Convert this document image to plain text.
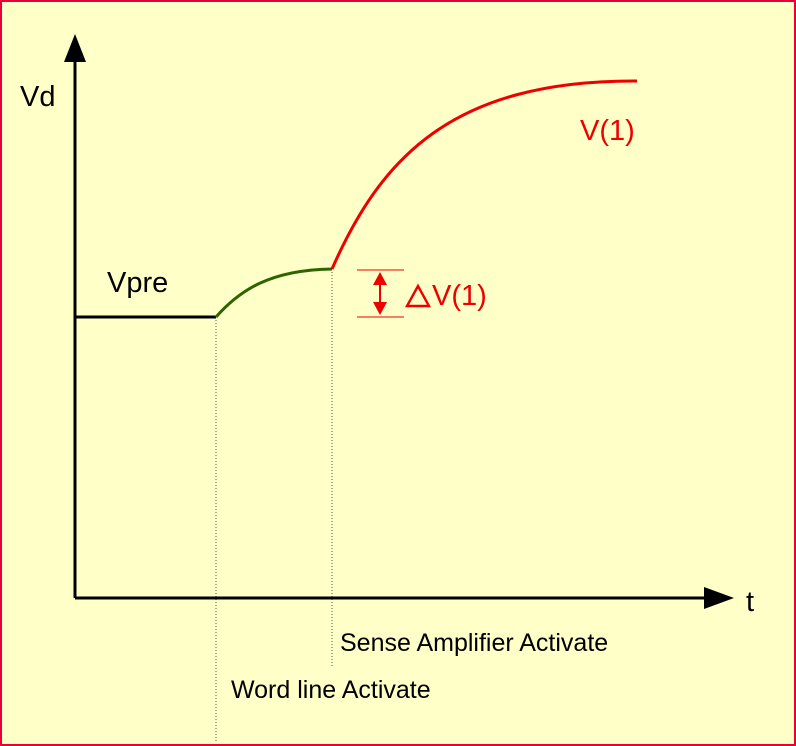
Vd
t
Vpre
V(1)
V(1)
Sense Amplifier Activate
Word line Activate
